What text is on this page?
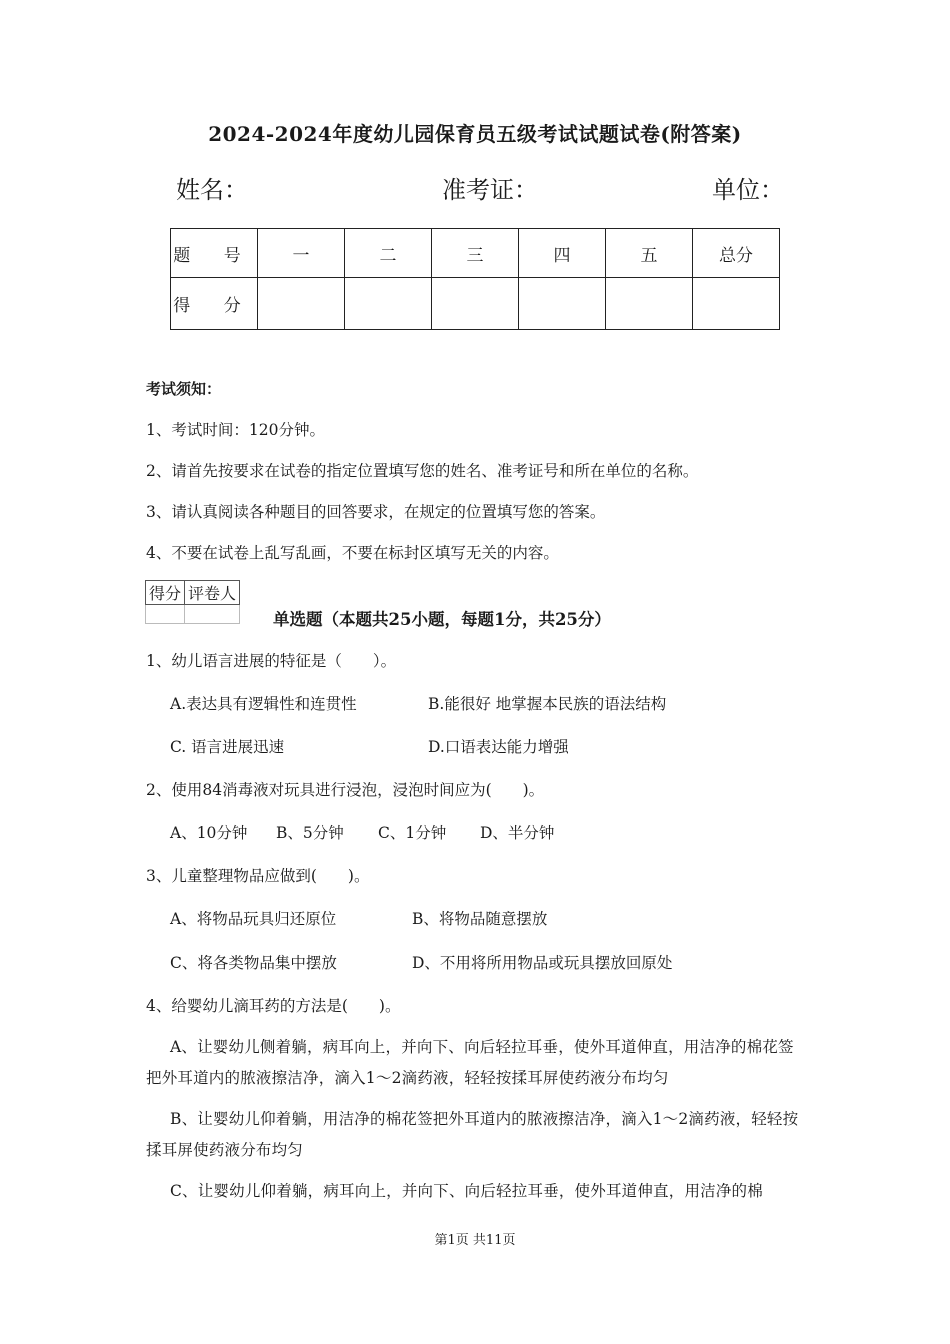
2024-2024年度幼儿园保育员五级考试试题试卷(附答案)
姓名：	准考证：	单位：
题 号	一	二	三	四	五	总分
得 分						
考试须知：
1、考试时间：120分钟。
2、请首先按要求在试卷的指定位置填写您的姓名、准考证号和所在单位的名称。
3、请认真阅读各种题目的回答要求，在规定的位置填写您的答案。
4、不要在试卷上乱写乱画，不要在标封区填写无关的内容。
得分	评卷人

单选题（本题共25小题，每题1分，共25分）
1、幼儿语言进展的特征是（　　）。
A.表达具有逻辑性和连贯性	B.能很好 地掌握本民族的语法结构
C. 语言进展迅速	D.口语表达能力增强
2、使用84消毒液对玩具进行浸泡，浸泡时间应为(　　)。
A、10分钟 B、5分钟 C、1分钟 D、半分钟
3、儿童整理物品应做到(　　)。
A、将物品玩具归还原位	B、将物品随意摆放
C、将各类物品集中摆放	D、不用将所用物品或玩具摆放回原处
4、给婴幼儿滴耳药的方法是(　　)。
A、让婴幼儿侧着躺，病耳向上，并向下、向后轻拉耳垂，使外耳道伸直，用洁净的棉花签把外耳道内的脓液擦洁净，滴入1～2滴药液，轻轻按揉耳屏使药液分布均匀
B、让婴幼儿仰着躺，用洁净的棉花签把外耳道内的脓液擦洁净，滴入1～2滴药液，轻轻按揉耳屏使药液分布均匀
C、让婴幼儿仰着躺，病耳向上，并向下、向后轻拉耳垂，使外耳道伸直，用洁净的棉
第1页 共11页
